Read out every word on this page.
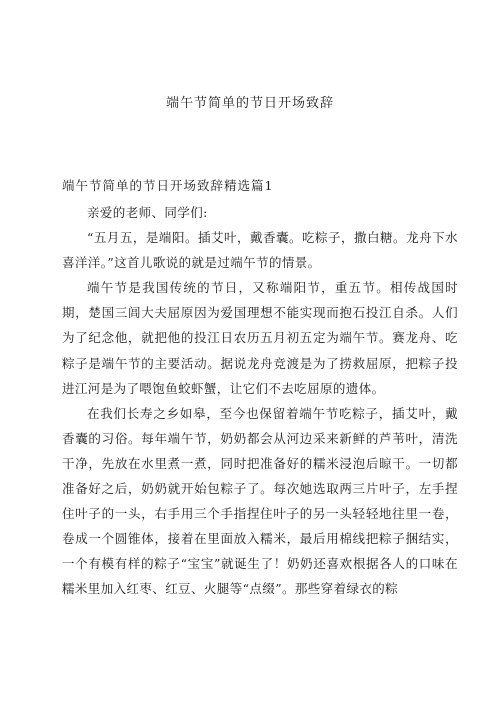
端午节简单的节日开场致辞
端午节简单的节日开场致辞精选篇1

亲爱的老师、同学们:

“五月五，是端阳。插艾叶，戴香囊。吃粽子，撒白糖。龙舟下水喜洋洋。”这首儿歌说的就是过端午节的情景。

端午节是我国传统的节日，又称端阳节，重五节。相传战国时期，楚国三闾大夫屈原因为爱国理想不能实现而抱石投江自杀。人们为了纪念他，就把他的投江日农历五月初五定为端午节。赛龙舟、吃粽子是端午节的主要活动。据说龙舟竞渡是为了捞救屈原，把粽子投进江河是为了喂饱鱼蛟虾蟹，让它们不去吃屈原的遗体。

在我们长寿之乡如皋，至今也保留着端午节吃粽子，插艾叶，戴香囊的习俗。每年端午节，奶奶都会从河边采来新鲜的芦苇叶，清洗干净，先放在水里煮一煮，同时把准备好的糯米浸泡后晾干。一切都准备好之后，奶奶就开始包粽子了。每次她选取两三片叶子，左手捏住叶子的一头，右手用三个手指捏住叶子的另一头轻轻地往里一卷，卷成一个圆锥体，接着在里面放入糯米，最后用棉线把粽子捆结实，一个有模有样的粽子“宝宝”就诞生了！奶奶还喜欢根据各人的口味在糯米里加入红枣、红豆、火腿等“点缀”。那些穿着绿衣的粽
